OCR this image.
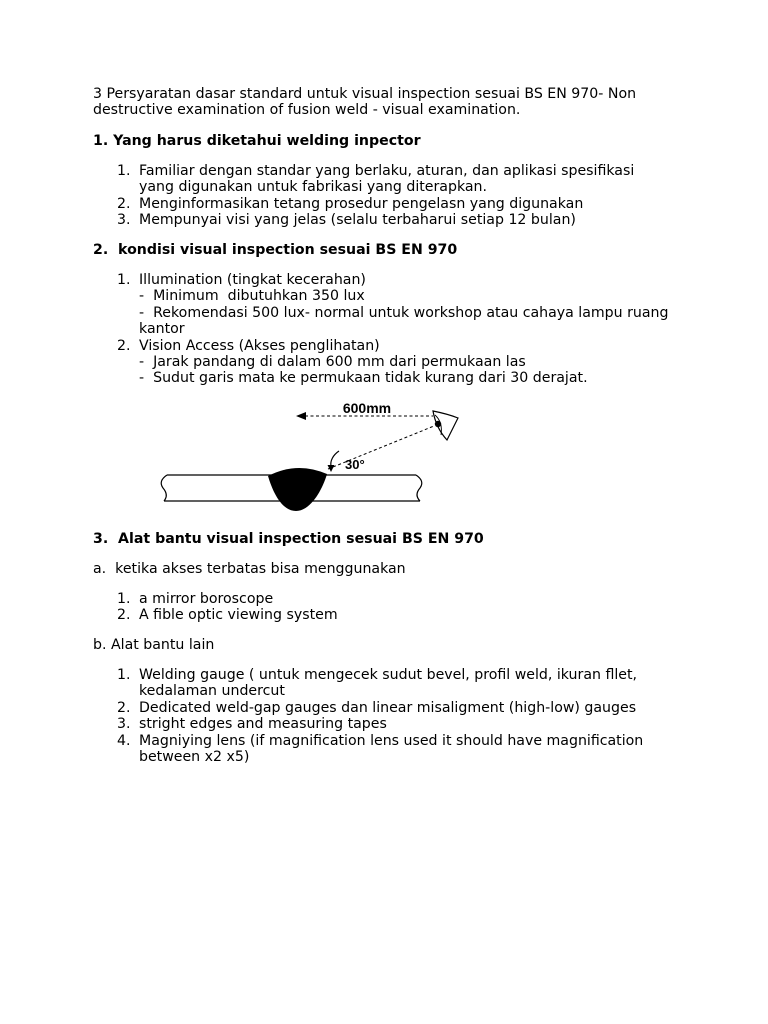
3 Persyaratan dasar standard untuk visual inspection sesuai BS EN 970- Non
destructive examination of fusion weld - visual examination.
1. Yang harus diketahui welding inpector
1. Familiar dengan standar yang berlaku, aturan, dan aplikasi spesifikasi
yang digunakan untuk fabrikasi yang diterapkan.
2. Menginformasikan tetang prosedur pengelasn yang digunakan
3. Mempunyai visi yang jelas (selalu terbaharui setiap 12 bulan)
2.  kondisi visual inspection sesuai BS EN 970
1. Illumination (tingkat kecerahan)
-  Minimum  dibutuhkan 350 lux
-  Rekomendasi 500 lux- normal untuk workshop atau cahaya lampu ruang
kantor
2. Vision Access (Akses penglihatan)
-  Jarak pandang di dalam 600 mm dari permukaan las
-  Sudut garis mata ke permukaan tidak kurang dari 30 derajat.
600mm
30°
3.  Alat bantu visual inspection sesuai BS EN 970
a.  ketika akses terbatas bisa menggunakan
1. a mirror boroscope
2. A fible optic viewing system
b. Alat bantu lain
1. Welding gauge ( untuk mengecek sudut bevel, profil weld, ikuran fllet,
kedalaman undercut
2. Dedicated weld-gap gauges dan linear misaligment (high-low) gauges
3. stright edges and measuring tapes
4. Magniying lens (if magnification lens used it should have magnification
between x2 x5)
